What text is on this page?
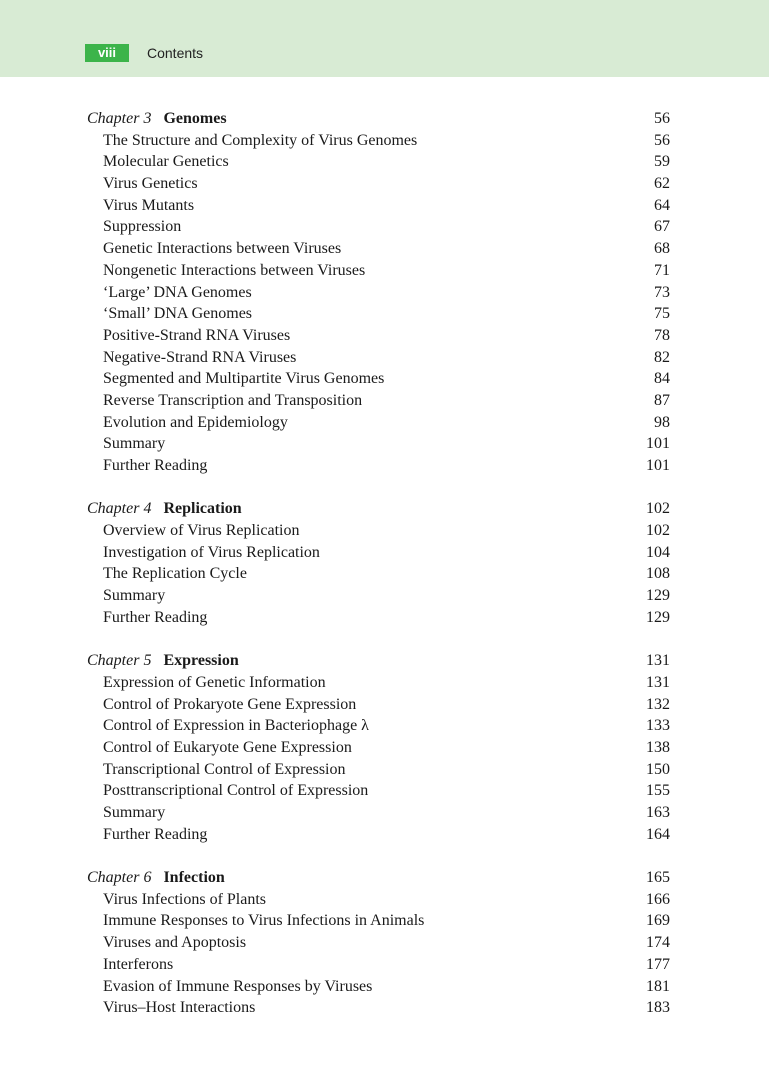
viii	Contents
Chapter 3 Genomes	56
The Structure and Complexity of Virus Genomes	56
Molecular Genetics	59
Virus Genetics	62
Virus Mutants	64
Suppression	67
Genetic Interactions between Viruses	68
Nongenetic Interactions between Viruses	71
‘Large’ DNA Genomes	73
‘Small’ DNA Genomes	75
Positive-Strand RNA Viruses	78
Negative-Strand RNA Viruses	82
Segmented and Multipartite Virus Genomes	84
Reverse Transcription and Transposition	87
Evolution and Epidemiology	98
Summary	101
Further Reading	101
Chapter 4 Replication	102
Overview of Virus Replication	102
Investigation of Virus Replication	104
The Replication Cycle	108
Summary	129
Further Reading	129
Chapter 5 Expression	131
Expression of Genetic Information	131
Control of Prokaryote Gene Expression	132
Control of Expression in Bacteriophage λ	133
Control of Eukaryote Gene Expression	138
Transcriptional Control of Expression	150
Posttranscriptional Control of Expression	155
Summary	163
Further Reading	164
Chapter 6 Infection	165
Virus Infections of Plants	166
Immune Responses to Virus Infections in Animals	169
Viruses and Apoptosis	174
Interferons	177
Evasion of Immune Responses by Viruses	181
Virus–Host Interactions	183
